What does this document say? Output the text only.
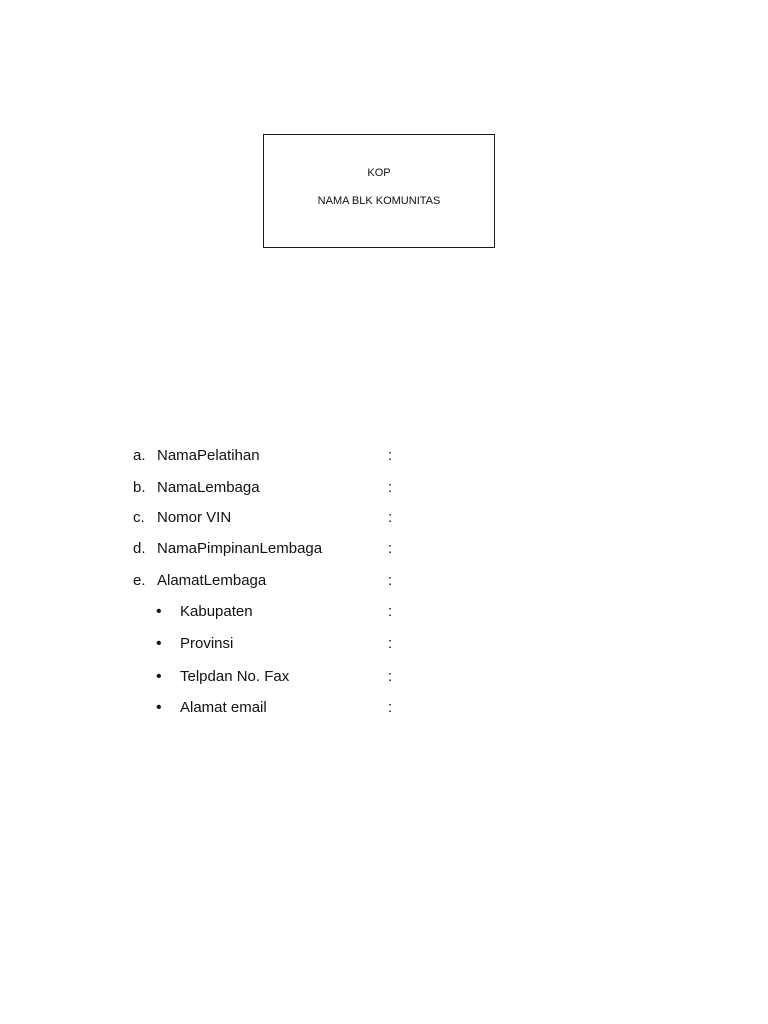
KOP
NAMA BLK KOMUNITAS
a. NamaPelatihan	:
b. NamaLembaga	:
c. Nomor VIN	:
d. NamaPimpinanLembaga	:
e. AlamatLembaga	:
•	Kabupaten	:
•	Provinsi	:
•	Telpdan No. Fax	:
•	Alamat email	:
